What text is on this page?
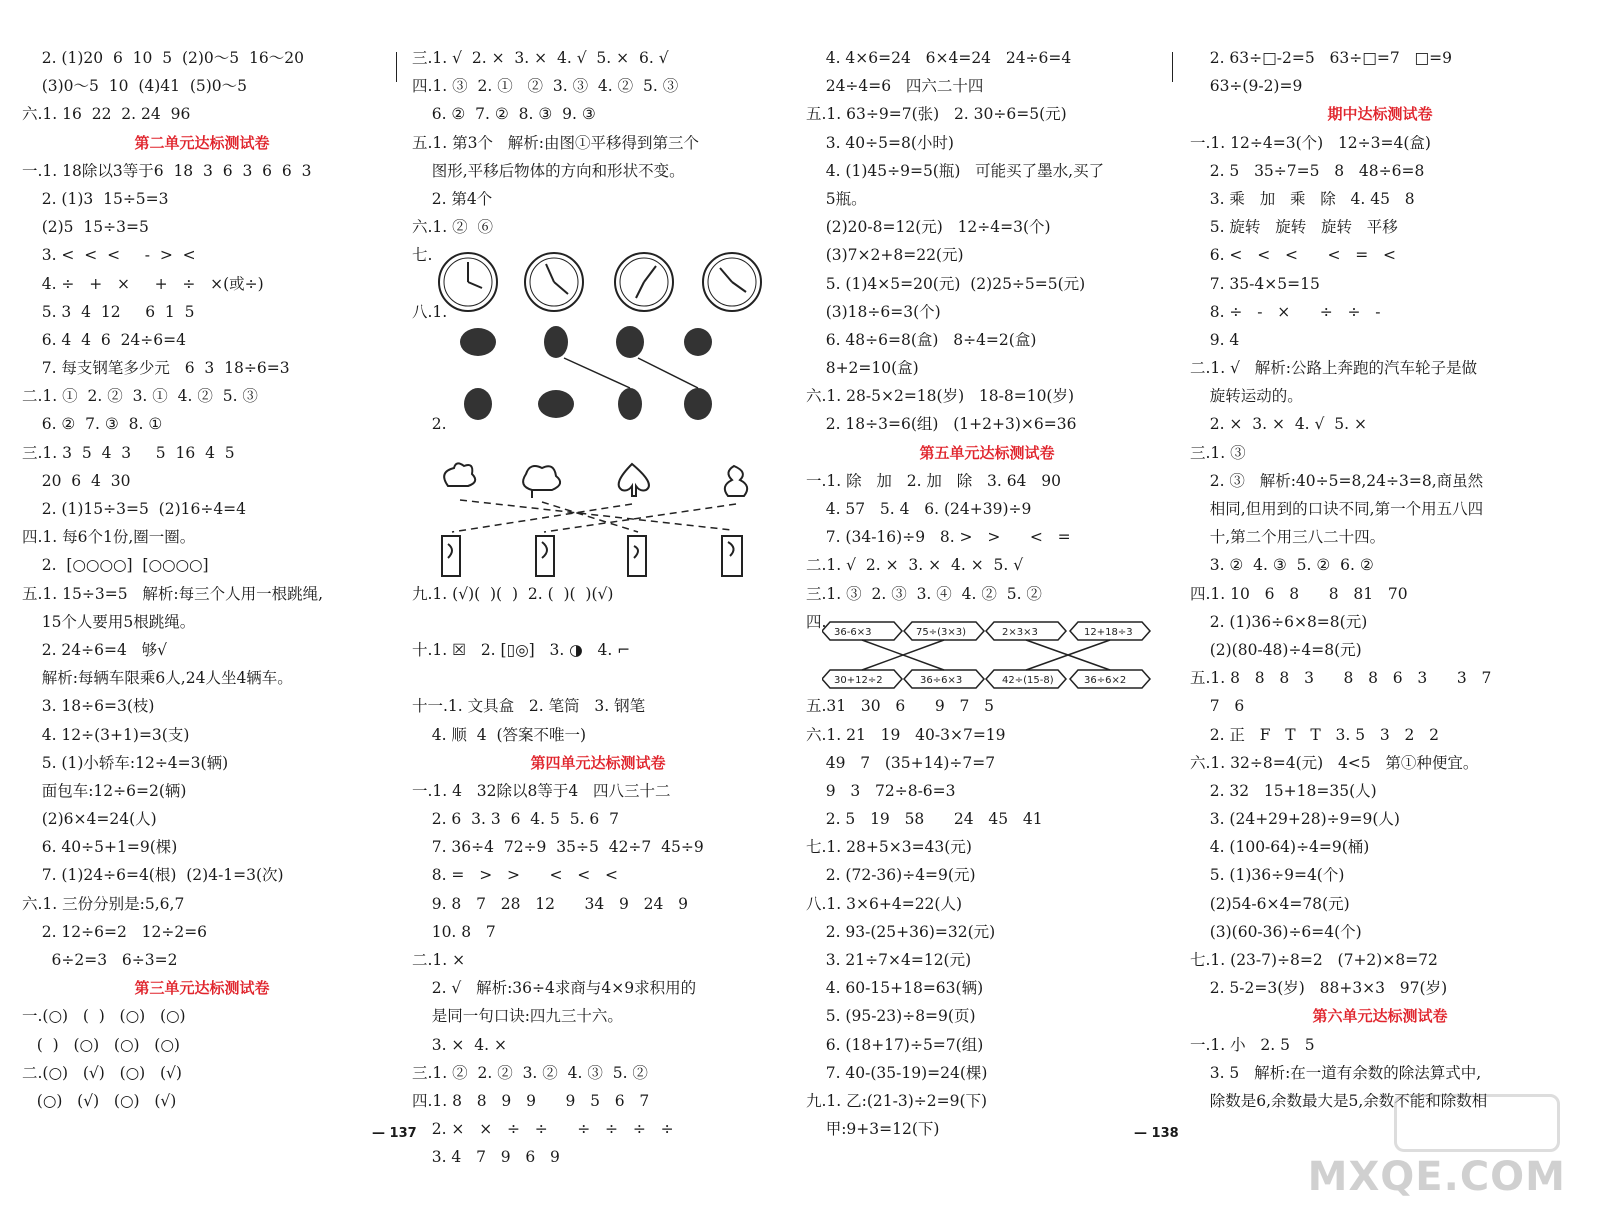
2. (1)20  6  10  5  (2)0～5  16～20
(3)0～5  10  (4)41  (5)0～5
六.1. 16  22  2. 24  96
第二单元达标测试卷
一.1. 18除以3等于6  18  3  6  3  6  6  3
2. (1)3  15÷5=3
(2)5  15÷3=5
3. <  <  <     -  >  <
4. ÷   +   ×     +   ÷   ×(或÷)
5. 3  4  12     6  1  5
6. 4  4  6  24÷6=4
7. 每支钢笔多少元   6  3  18÷6=3
二.1. ①  2. ②  3. ①  4. ②  5. ③
6. ②  7. ③  8. ①
三.1. 3  5  4  3     5  16  4  5
20  6  4  30
2. (1)15÷3=5  (2)16÷4=4
四.1. 每6个1份,圈一圈。
2.  [○○○○]  [○○○○]
五.1. 15÷3=5   解析:每三个人用一根跳绳,
15个人要用5根跳绳。
2. 24÷6=4   够√
解析:每辆车限乘6人,24人坐4辆车。
3. 18÷6=3(枝)
4. 12÷(3+1)=3(支)
5. (1)小轿车:12÷4=3(辆)
面包车:12÷6=2(辆)
(2)6×4=24(人)
6. 40÷5+1=9(棵)
7. (1)24÷6=4(根)  (2)4-1=3(次)
六.1. 三份分别是:5,6,7
2. 12÷6=2   12÷2=6
6÷2=3   6÷3=2
第三单元达标测试卷
一.(○)   (  )   (○)   (○)
(  )   (○)   (○)   (○)
二.(○)   (√)   (○)   (√)
(○)   (√)   (○)   (√)
三.1. √  2. ×  3. ×  4. √  5. ×  6. √
四.1. ③  2. ①   ②  3. ③  4. ②  5. ③
6. ②  7. ②  8. ③  9. ③
五.1. 第3个   解析:由图①平移得到第三个
图形,平移后物体的方向和形状不变。
2. 第4个
六.1. ②  ⑥
七.
八.1.
2.
九.1. (√)(  )(  )  2. (  )(  )(√)
十.1. ☒   2. [▯◎]   3. ◑   4. ⌐
十一.1. 文具盒   2. 笔筒   3. 钢笔
4. 顺  4  (答案不唯一)
第四单元达标测试卷
一.1. 4   32除以8等于4   四八三十二
2. 6  3. 3  6  4. 5  5. 6  7
7. 36÷4  72÷9  35÷5  42÷7  45÷9
8. =   >   >      <   <   <
9. 8   7   28   12      34   9   24   9
10. 8   7
二.1. ×
2. √   解析:36÷4求商与4×9求积用的
是同一句口诀:四九三十六。
3. ×  4. ×
三.1. ②  2. ②  3. ②  4. ③  5. ②
四.1. 8   8   9   9      9   5   6   7
2. ×   ×   ÷   ÷      ÷   ÷   ÷   ÷
3. 4   7   9   6   9
4. 4×6=24   6×4=24   24÷6=4
24÷4=6   四六二十四
五.1. 63÷9=7(张)   2. 30÷6=5(元)
3. 40÷5=8(小时)
4. (1)45÷9=5(瓶)   可能买了墨水,买了
5瓶。
(2)20-8=12(元)   12÷4=3(个)
(3)7×2+8=22(元)
5. (1)4×5=20(元)  (2)25÷5=5(元)
(3)18÷6=3(个)
6. 48÷6=8(盒)   8÷4=2(盒)
8+2=10(盒)
六.1. 28-5×2=18(岁)   18-8=10(岁)
2. 18÷3=6(组)   (1+2+3)×6=36
第五单元达标测试卷
一.1. 除   加   2. 加   除   3. 64   90
4. 57   5. 4   6. (24+39)÷9
7. (34-16)÷9   8. >   >      <   =
二.1. √  2. ×  3. ×  4. ×  5. √
三.1. ③  2. ③  3. ④  4. ②  5. ②
四.
五.31   30   6      9   7   5
六.1. 21   19   40-3×7=19
49   7   (35+14)÷7=7
9   3   72÷8-6=3
2. 5   19   58      24   45   41
七.1. 28+5×3=43(元)
2. (72-36)÷4=9(元)
八.1. 3×6+4=22(人)
2. 93-(25+36)=32(元)
3. 21÷7×4=12(元)
4. 60-15+18=63(辆)
5. (95-23)÷8=9(页)
6. (18+17)÷5=7(组)
7. 40-(35-19)=24(棵)
九.1. 乙:(21-3)÷2=9(下)
甲:9+3=12(下)
2. 63÷□-2=5   63÷□=7   □=9
63÷(9-2)=9
期中达标测试卷
一.1. 12÷4=3(个)   12÷3=4(盒)
2. 5   35÷7=5   8   48÷6=8
3. 乘   加   乘   除   4. 45   8
5. 旋转   旋转   旋转   平移
6. <   <   <      <   =   <
7. 35-4×5=15
8. ÷   -   ×      ÷   ÷   -
9. 4
二.1. √   解析:公路上奔跑的汽车轮子是做
旋转运动的。
2. ×  3. ×  4. √  5. ×
三.1. ③
2. ③   解析:40÷5=8,24÷3=8,商虽然
相同,但用到的口诀不同,第一个用五八四
十,第二个用三八二十四。
3. ②  4. ③  5. ②  6. ②
四.1. 10   6   8      8   81   70
2. (1)36÷6×8=8(元)
(2)(80-48)÷4=8(元)
五.1. 8   8   8   3      8   8   6   3      3   7
7   6
2. 正   F   T   T   3. 5   3   2   2
六.1. 32÷8=4(元)   4<5   第①种便宜。
2. 32   15+18=35(人)
3. (24+29+28)÷9=9(人)
4. (100-64)÷4=9(桶)
5. (1)36÷9=4(个)
(2)54-6×4=78(元)
(3)(60-36)÷6=4(个)
七.1. (23-7)÷8=2   (7+2)×8=72
2. 5-2=3(岁)   88+3×3   97(岁)
第六单元达标测试卷
一.1. 小   2. 5   5
3. 5   解析:在一道有余数的除法算式中,
除数是6,余数最大是5,余数不能和除数相
36-6×3	75÷(3×3)	2×3×3	12+18÷3
30+12÷2	36÷6×3	42÷(15-8)	36÷6×2
— 137	— 138
MXQE.COM
